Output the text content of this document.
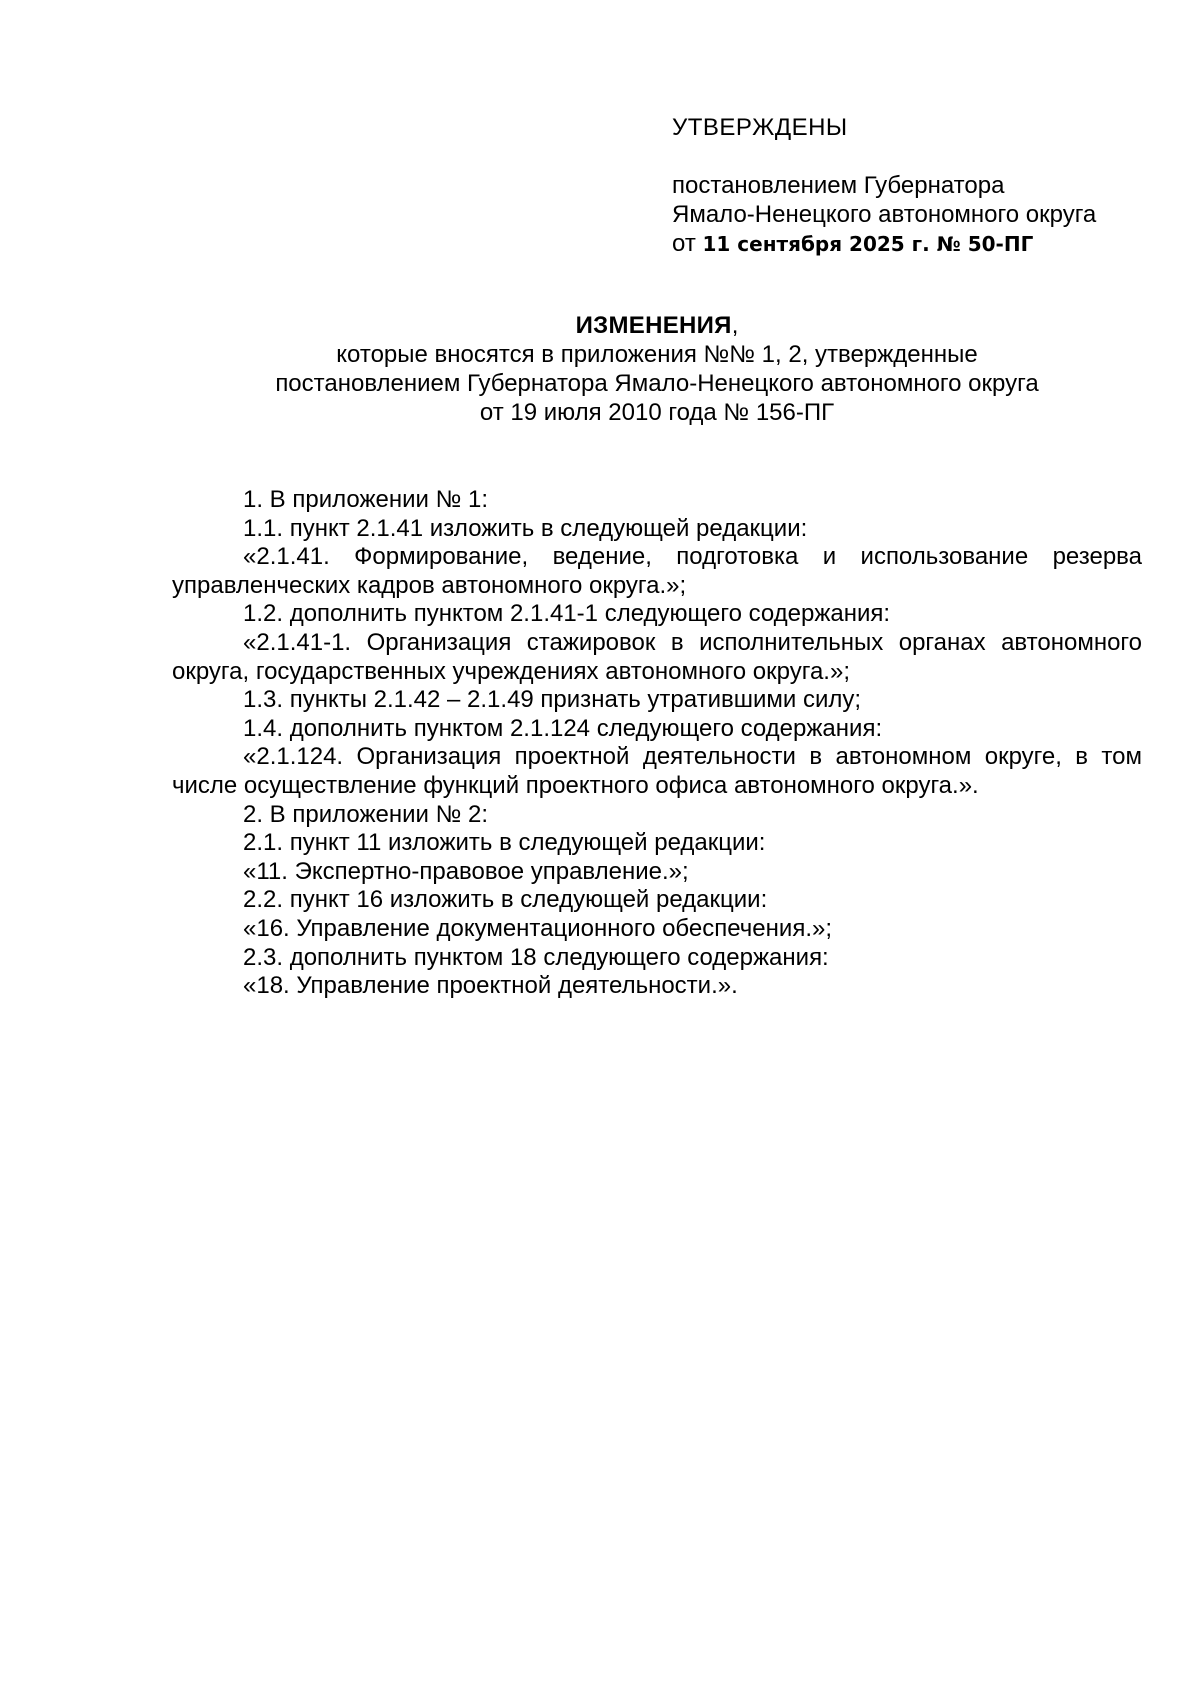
УТВЕРЖДЕНЫ
постановлением Губернатора
Ямало-Ненецкого автономного округа
от 11 сентября 2025 г. № 50-ПГ
ИЗМЕНЕНИЯ,
которые вносятся в приложения №№ 1, 2, утвержденные
постановлением Губернатора Ямало-Ненецкого автономного округа
от 19 июля 2010 года № 156-ПГ

1. В приложении № 1:

1.1. пункт 2.1.41 изложить в следующей редакции:

«2.1.41. Формирование, ведение, подготовка и использование резерва управленческих кадров автономного округа.»;

1.2. дополнить пунктом 2.1.41-1 следующего содержания:

«2.1.41-1. Организация стажировок в исполнительных органах автономного округа, государственных учреждениях автономного округа.»;

1.3. пункты 2.1.42 – 2.1.49 признать утратившими силу;

1.4. дополнить пунктом 2.1.124 следующего содержания:

«2.1.124. Организация проектной деятельности в автономном округе, в том числе осуществление функций проектного офиса автономного округа.».

2. В приложении № 2:

2.1. пункт 11 изложить в следующей редакции:

«11. Экспертно-правовое управление.»;

2.2. пункт 16 изложить в следующей редакции:

«16. Управление документационного обеспечения.»;

2.3. дополнить пунктом 18 следующего содержания:

«18. Управление проектной деятельности.».
